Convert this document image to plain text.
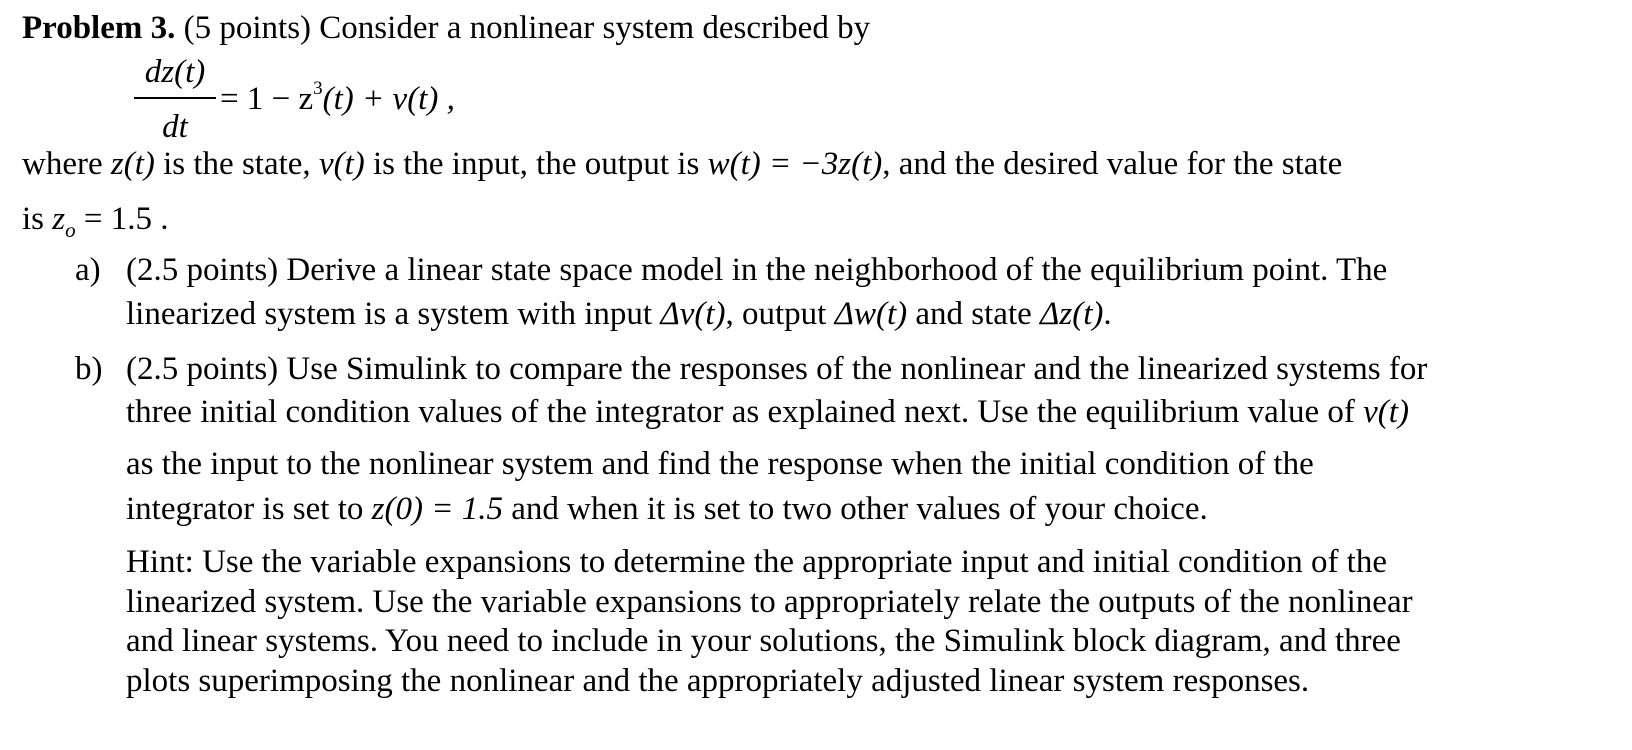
Problem 3. (5 points) Consider a nonlinear system described by
dz(t)
dt
= $1 - z^3(t) + v(t)$ ,
where z(t) is the state, v(t) is the input, the output is w(t) = −3z(t), and the desired value for the state
is $z_o = 1.5$ .
a) (2.5 points) Derive a linear state space model in the neighborhood of the equilibrium point. The
linearized system is a system with input Δv(t), output Δw(t) and state Δz(t).
b) (2.5 points) Use Simulink to compare the responses of the nonlinear and the linearized systems for
three initial condition values of the integrator as explained next. Use the equilibrium value of v(t)
as the input to the nonlinear system and find the response when the initial condition of the
integrator is set to z(0) = 1.5 and when it is set to two other values of your choice.
Hint: Use the variable expansions to determine the appropriate input and initial condition of the
linearized system. Use the variable expansions to appropriately relate the outputs of the nonlinear
and linear systems. You need to include in your solutions, the Simulink block diagram, and three
plots superimposing the nonlinear and the appropriately adjusted linear system responses.
